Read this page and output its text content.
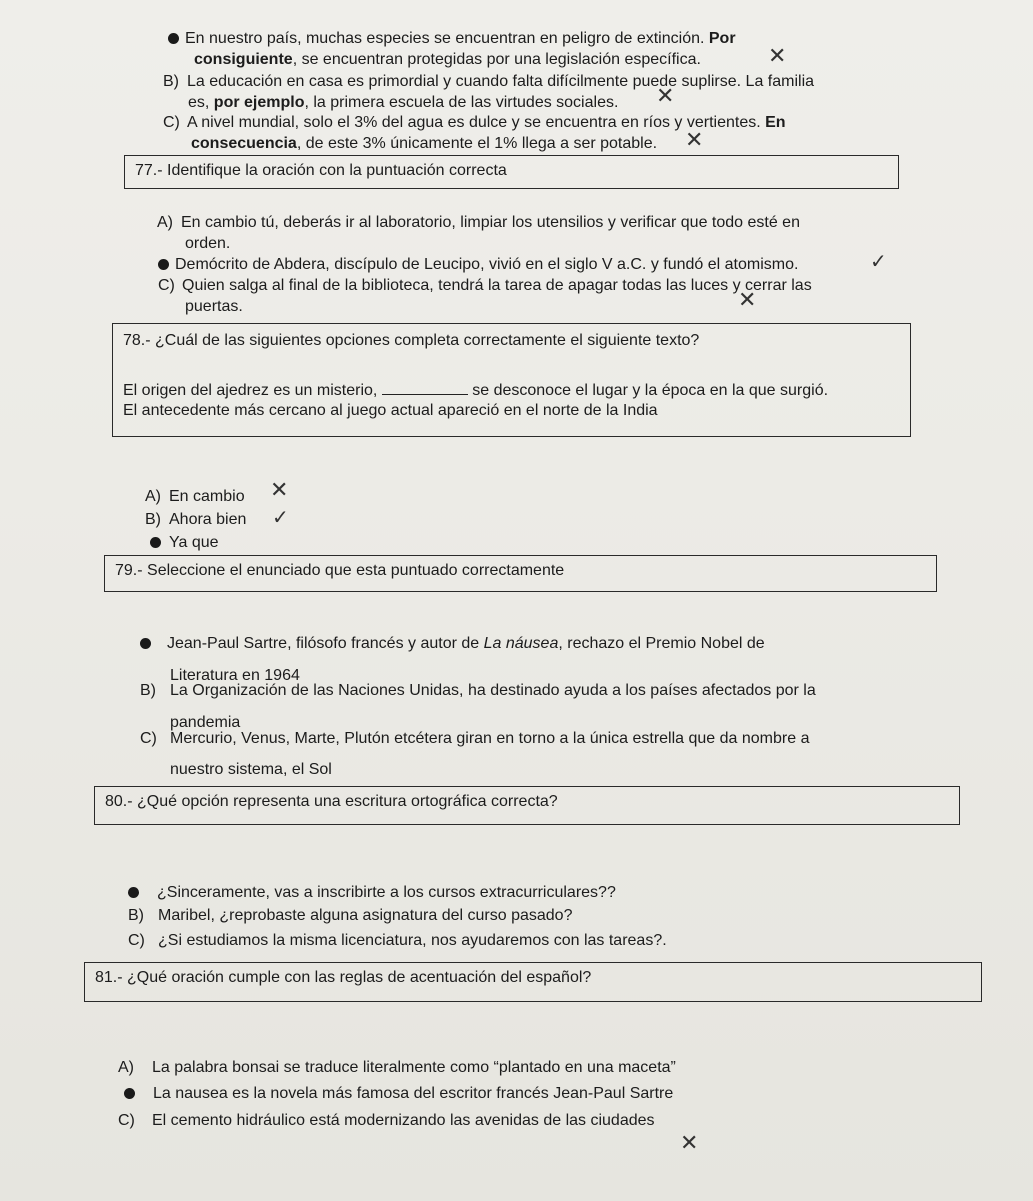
En nuestro país, muchas especies se encuentran en peligro de extinción. Por
consiguiente, se encuentran protegidas por una legislación específica.	✕
B) La educación en casa es primordial y cuando falta difícilmente puede suplirse. La familia
es, por ejemplo, la primera escuela de las virtudes sociales. ✕
C) A nivel mundial, solo el 3% del agua es dulce y se encuentra en ríos y vertientes. En
consecuencia, de este 3% únicamente el 1% llega a ser potable. ✕
77.- Identifique la oración con la puntuación correcta
A) En cambio tú, deberás ir al laboratorio, limpiar los utensilios y verificar que todo esté en
orden.
Demócrito de Abdera, discípulo de Leucipo, vivió en el siglo V a.C. y fundó el atomismo.	✓
C) Quien salga al final de la biblioteca, tendrá la tarea de apagar todas las luces y cerrar las
puertas.	✕
78.- ¿Cuál de las siguientes opciones completa correctamente el siguiente texto?
El origen del ajedrez es un misterio,	se desconoce el lugar y la época en la que surgió.
El antecedente más cercano al juego actual apareció en el norte de la India
A) En cambio ✕
B) Ahora bien ✓
Ya que
79.- Seleccione el enunciado que esta puntuado correctamente
Jean-Paul Sartre, filósofo francés y autor de La náusea, rechazo el Premio Nobel de
Literatura en 1964
B) La Organización de las Naciones Unidas, ha destinado ayuda a los países afectados por la
pandemia
C) Mercurio, Venus, Marte, Plutón etcétera giran en torno a la única estrella que da nombre a
nuestro sistema, el Sol
80.- ¿Qué opción representa una escritura ortográfica correcta?
¿Sinceramente, vas a inscribirte a los cursos extracurriculares??
B) Maribel, ¿reprobaste alguna asignatura del curso pasado?
C) ¿Si estudiamos la misma licenciatura, nos ayudaremos con las tareas?.
81.- ¿Qué oración cumple con las reglas de acentuación del español?
A) La palabra bonsai se traduce literalmente como “plantado en una maceta”
La nausea es la novela más famosa del escritor francés Jean-Paul Sartre
C) El cemento hidráulico está modernizando las avenidas de las ciudades
✕
